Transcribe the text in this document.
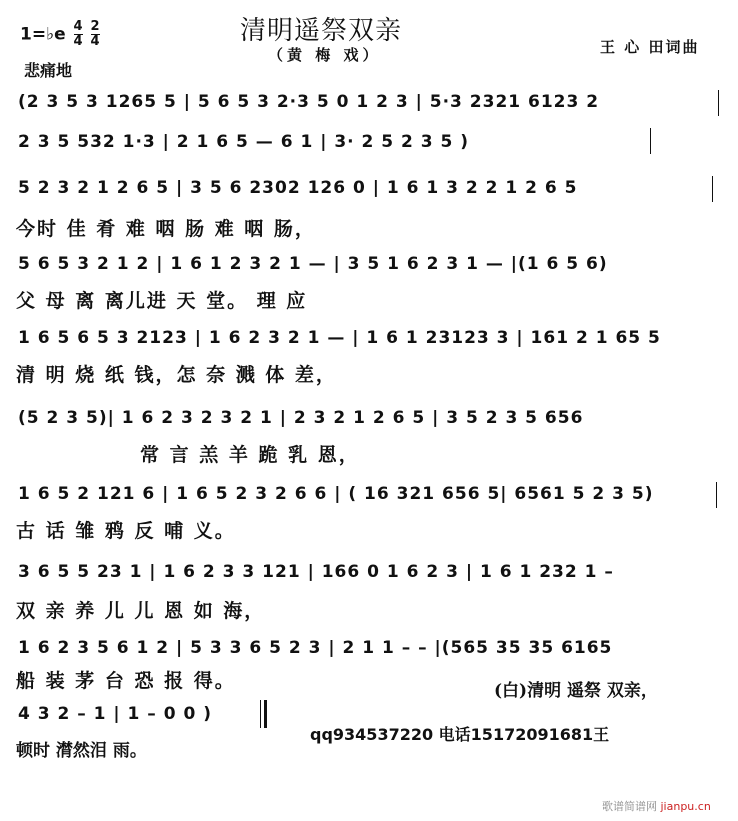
1=♭e $\frac{4}{4}$
$\frac{2}{4}$
悲痛地
清明遥祭双亲
（黄 梅 戏）	王 心 田词曲
(2 3 5 3 1265 5 | 5 6 5 3 2·3 5 0 1 2 3 | 5·3 2321 6123 2
2 3 5 532 1·3 | 2 1 6 5 — 6 1 | 3· 2 5 2 3 5 )
5 2 3 2 1 2 6 5 | 3 5 6 2302 126 0 | 1 6 1 3 2 2 1 2 6 5
今时 佳 肴 难 咽 肠 难 咽 肠，
5 6 5 3 2 1 2 | 1 6 1 2 3 2 1 — | 3 5 1 6 2 3 1 — |(1 6 5 6)
父 母 离 离儿进 天 堂。 理 应
1 6 5 6 5 3 2123 | 1 6 2 3 2 1 — | 1 6 1 23123 3 | 161 2 1 65 5
清 明 烧 纸 钱，怎 奈 溅 体 差，
(5 2 3 5)| 1 6 2 3 2 3 2 1 | 2 3 2 1 2 6 5 | 3 5 2 3 5 656
常 言 羔 羊 跪 乳 恩，
1 6 5 2 121 6 | 1 6 5 2 3 2 6 6 | ( 16 321 656 5| 6561 5 2 3 5)
古 话 雏 鸦 反 哺 义。
3 6 5 5 23 1 | 1 6 2 3 3 121 | 166 0 1 6 2 3 | 1 6 1 232 1 –
双 亲 养 儿 儿 恩 如 海，
1 6 2 3 5 6 1 2 | 5 3 3 6 5 2 3 | 2 1 1 – – |(565 35 35 6165
船 装 茅 台 恐 报 得。	(白)清明 遥祭 双亲，
4 3 2 – 1 | 1 – 0 0 )
顿时 潸然泪 雨。
qq934537220 电话15172091681王
歌谱简谱网 jianpu.cn
